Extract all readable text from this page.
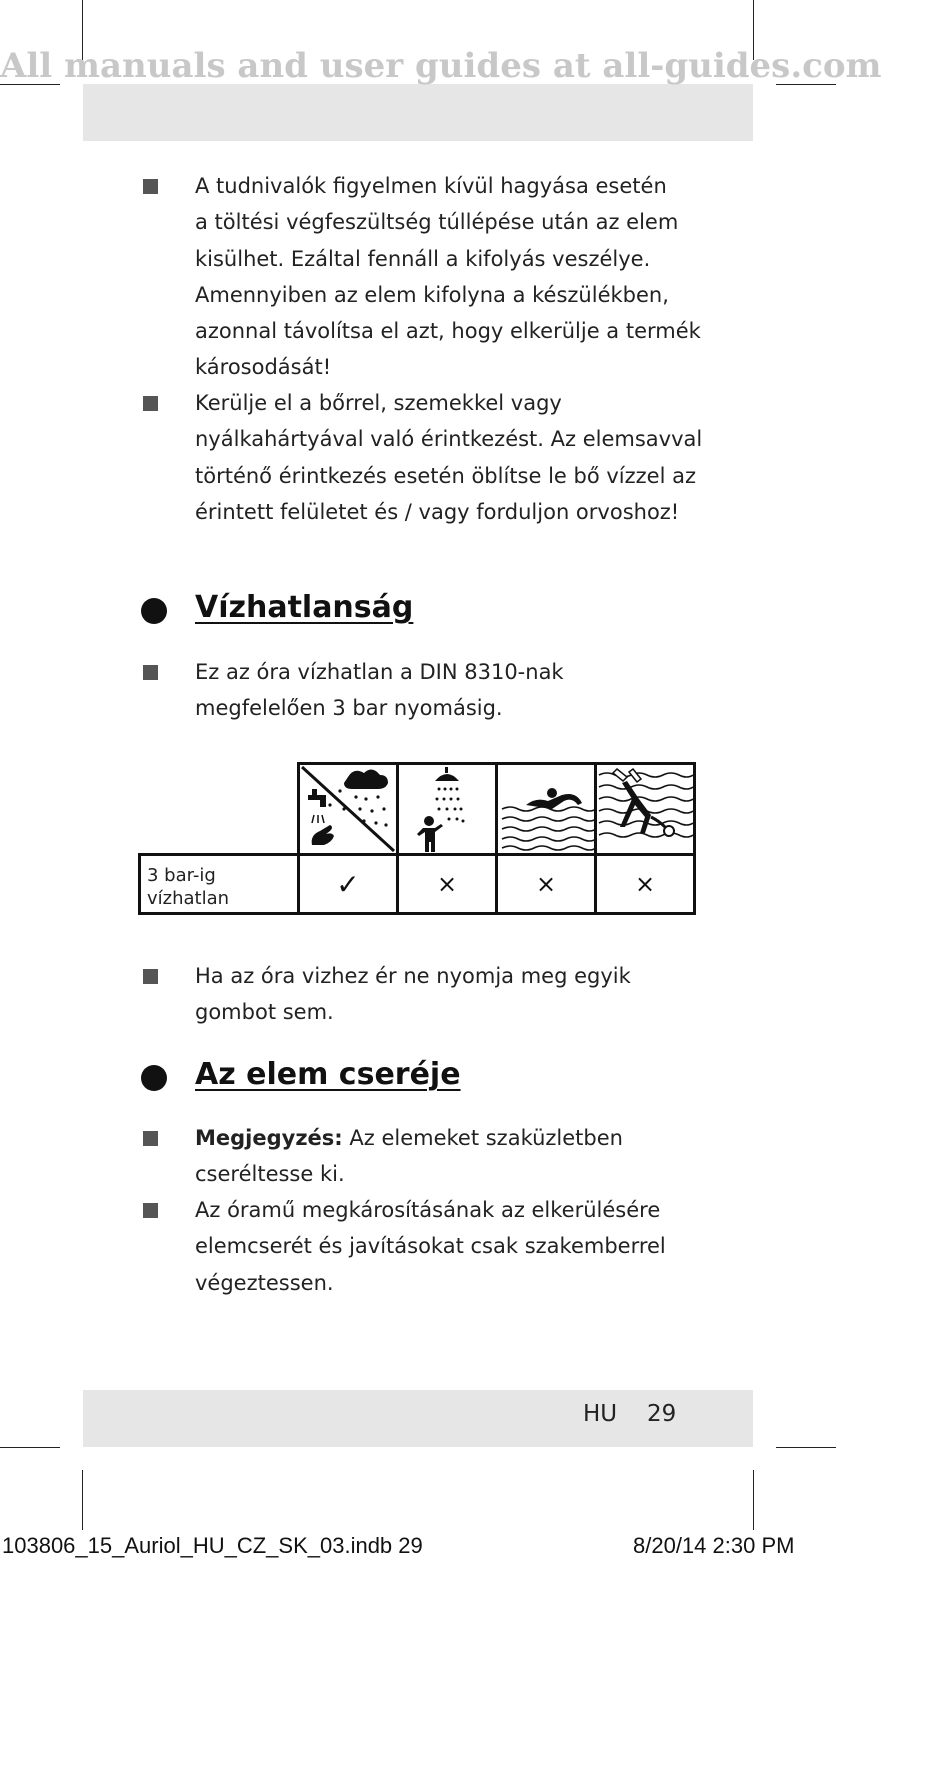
All manuals and user guides at all-guides.com
A tudnivalók figyelmen kívül hagyása esetén
a töltési végfeszültség túllépése után az elem
kisülhet. Ezáltal fennáll a kifolyás veszélye.
Amennyiben az elem kifolyna a készülékben,
azonnal távolítsa el azt, hogy elkerülje a termék
károsodását!
Kerülje el a bőrrel, szemekkel vagy
nyálkahártyával való érintkezést. Az elemsavval
történő érintkezés esetén öblítse le bő vízzel az
érintett felületet és / vagy forduljon orvoshoz!
Vízhatlanság
Ez az óra vízhatlan a DIN 8310-nak
megfelelően 3 bar nyomásig.
3 bar-ig
vízhatlan	✓	×	×	×
Ha az óra vizhez ér ne nyomja meg egyik
gombot sem.
Az elem cseréje
Megjegyzés: Az elemeket szaküzletben
cseréltesse ki.
Az óramű megkárosításának az elkerülésére
elemcserét és javításokat csak szakemberrel
végeztessen.
HU 29
103806_15_Auriol_HU_CZ_SK_03.indb 29	8/20/14 2:30 PM
